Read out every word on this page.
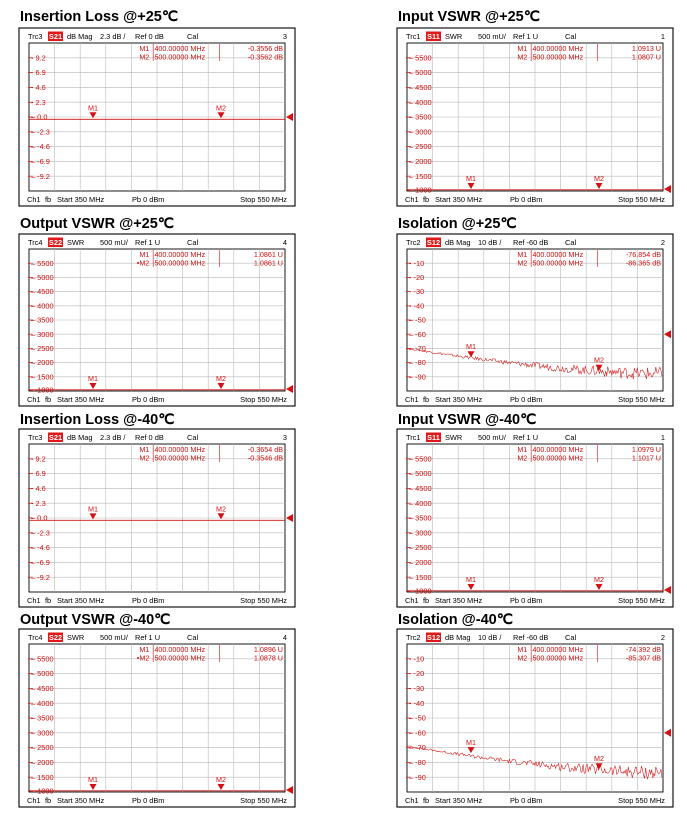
Insertion Loss @+25℃
Trc3 S21 dB Mag 2.3 dB / Ref 0 dB	Cal	3
- 9.2
- 6.9
- 4.6
- 2.3
– 0.0
– -2.3
– -4.6
– -6.9
– -9.2
M1 400.00000 MHz	-0.3556 dB
M2 500.00000 MHz	-0.3562 dB
M1	M2
Ch1 fb Start 350 MHz	Pb 0 dBm	Stop 550 MHz
Input VSWR @+25℃
Trc1 S11 SWR 500 mU/ Ref 1 U	Cal	1
– 5500
– 5000
– 4500
– 4000
– 3500
– 3000
– 2500
– 2000
– 1500
– 1000
M1 400.00000 MHz	1.0913 U
M2 500.00000 MHz	1.0807 U
M1	M2
Ch1 fb Start 350 MHz	Pb 0 dBm	Stop 550 MHz
Output VSWR @+25℃
Trc4 S22 SWR 500 mU/ Ref 1 U	Cal	4
– 5500
– 5000
– 4500
– 4000
– 3500
– 3000
– 2500
– 2000
– 1500
– 1000
M1 400.00000 MHz	1.0861 U
•M2 500.00000 MHz	1.0861 U
M1	M2
Ch1 fb Start 350 MHz	Pb 0 dBm	Stop 550 MHz
Isolation @+25℃
Trc2 S12 dB Mag 10 dB / Ref -60 dB Cal	2
- -10
- -20
- -30
- -40
– -50
– -60
– -70
– -80
– -90
M1 400.00000 MHz	-76.854 dB
M2 500.00000 MHz	-86.365 dB
M1
M2
Ch1 fb Start 350 MHz	Pb 0 dBm	Stop 550 MHz
Insertion Loss @-40℃
Trc3 S21 dB Mag 2.3 dB / Ref 0 dB	Cal	3
- 9.2
- 6.9
- 4.6
- 2.3
– 0.0
– -2.3
– -4.6
– -6.9
– -9.2
M1 400.00000 MHz	-0.3654 dB
M2 500.00000 MHz	-0.3546 dB
M1	M2
Ch1 fb Start 350 MHz	Pb 0 dBm	Stop 550 MHz
Input VSWR @-40℃
Trc1 S11 SWR 500 mU/ Ref 1 U	Cal	1
– 5500
– 5000
– 4500
– 4000
– 3500
– 3000
– 2500
– 2000
– 1500
– 1000
M1 400.00000 MHz	1.0979 U
M2 500.00000 MHz	1.1017 U
M1	M2
Ch1 fb Start 350 MHz	Pb 0 dBm	Stop 550 MHz
Output VSWR @-40℃
Trc4 S22 SWR 500 mU/ Ref 1 U	Cal	4
– 5500
– 5000
– 4500
– 4000
– 3500
– 3000
– 2500
– 2000
– 1500
– 1000
M1 400.00000 MHz	1.0896 U
•M2 500.00000 MHz	1.0878 U
M1	M2
Ch1 fb Start 350 MHz	Pb 0 dBm	Stop 550 MHz
Isolation @-40℃
Trc2 S12 dB Mag 10 dB / Ref -60 dB Cal	2
- -10
- -20
- -30
- -40
– -50
– -60
– -70
– -80
– -90
M1 400.00000 MHz	-74.392 dB
M2 500.00000 MHz	-85.307 dB
M1
M2
Ch1 fb Start 350 MHz	Pb 0 dBm	Stop 550 MHz
